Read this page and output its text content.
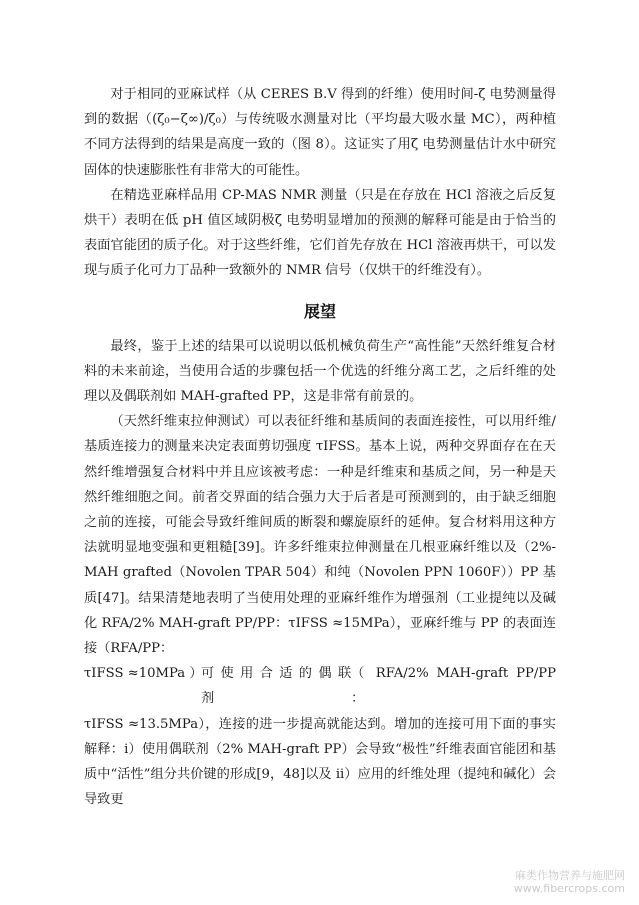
对于相同的亚麻试样（从 CERES B.V 得到的纤维）使用时间-ζ 电势测量得到的数据（(ζ₀−ζ∞)/ζ₀）与传统吸水测量对比（平均最大吸水量 MC），两种植不同方法得到的结果是高度一致的（图 8）。这证实了用ζ 电势测量估计水中研究固体的快速膨胀性有非常大的可能性。

在精选亚麻样品用 CP-MAS NMR 测量（只是在存放在 HCl 溶液之后反复烘干）表明在低 pH 值区域阴极ζ 电势明显增加的预测的解释可能是由于恰当的表面官能团的质子化。对于这些纤维，它们首先存放在 HCl 溶液再烘干，可以发现与质子化可力丁品种一致额外的 NMR 信号（仅烘干的纤维没有）。

展望

最终，鉴于上述的结果可以说明以低机械负荷生产“高性能”天然纤维复合材料的未来前途，当使用合适的步骤包括一个优选的纤维分离工艺，之后纤维的处理以及偶联剂如 MAH-grafted PP，这是非常有前景的。

（天然纤维束拉伸测试）可以表征纤维和基质间的表面连接性，可以用纤维/基质连接力的测量来决定表面剪切强度 τIFSS。基本上说，两种交界面存在在天然纤维增强复合材料中并且应该被考虑：一种是纤维束和基质之间，另一种是天然纤维细胞之间。前者交界面的结合强力大于后者是可预测到的，由于缺乏细胞之前的连接，可能会导致纤维间质的断裂和螺旋原纤的延伸。复合材料用这种方法就明显地变强和更粗糙[39]。许多纤维束拉伸测量在几根亚麻纤维以及（2%-MAH grafted（Novolen TPAR 504）和纯（Novolen PPN 1060F））PP 基质[47]。结果清楚地表明了当使用处理的亚麻纤维作为增强剂（工业提纯以及碱化 RFA/2% MAH-graft PP/PP：τIFSS ≈15MPa），亚麻纤维与 PP 的表面连接（RFA/PP：

τIFSS ≈10MPa ）
可 使 用 合 适 的 偶 联 剂
（ RFA/2% MAH-graft PP/PP ：

τIFSS ≈13.5MPa），连接的进一步提高就能达到。增加的连接可用下面的事实解释：i）使用偶联剂（2% MAH-graft PP）会导致“极性”纤维表面官能团和基质中“活性”组分共价键的形成[9，48]以及 ii）应用的纤维处理（提纯和碱化）会导致更

麻类作物营养与施肥网
www.fibercrops.com
